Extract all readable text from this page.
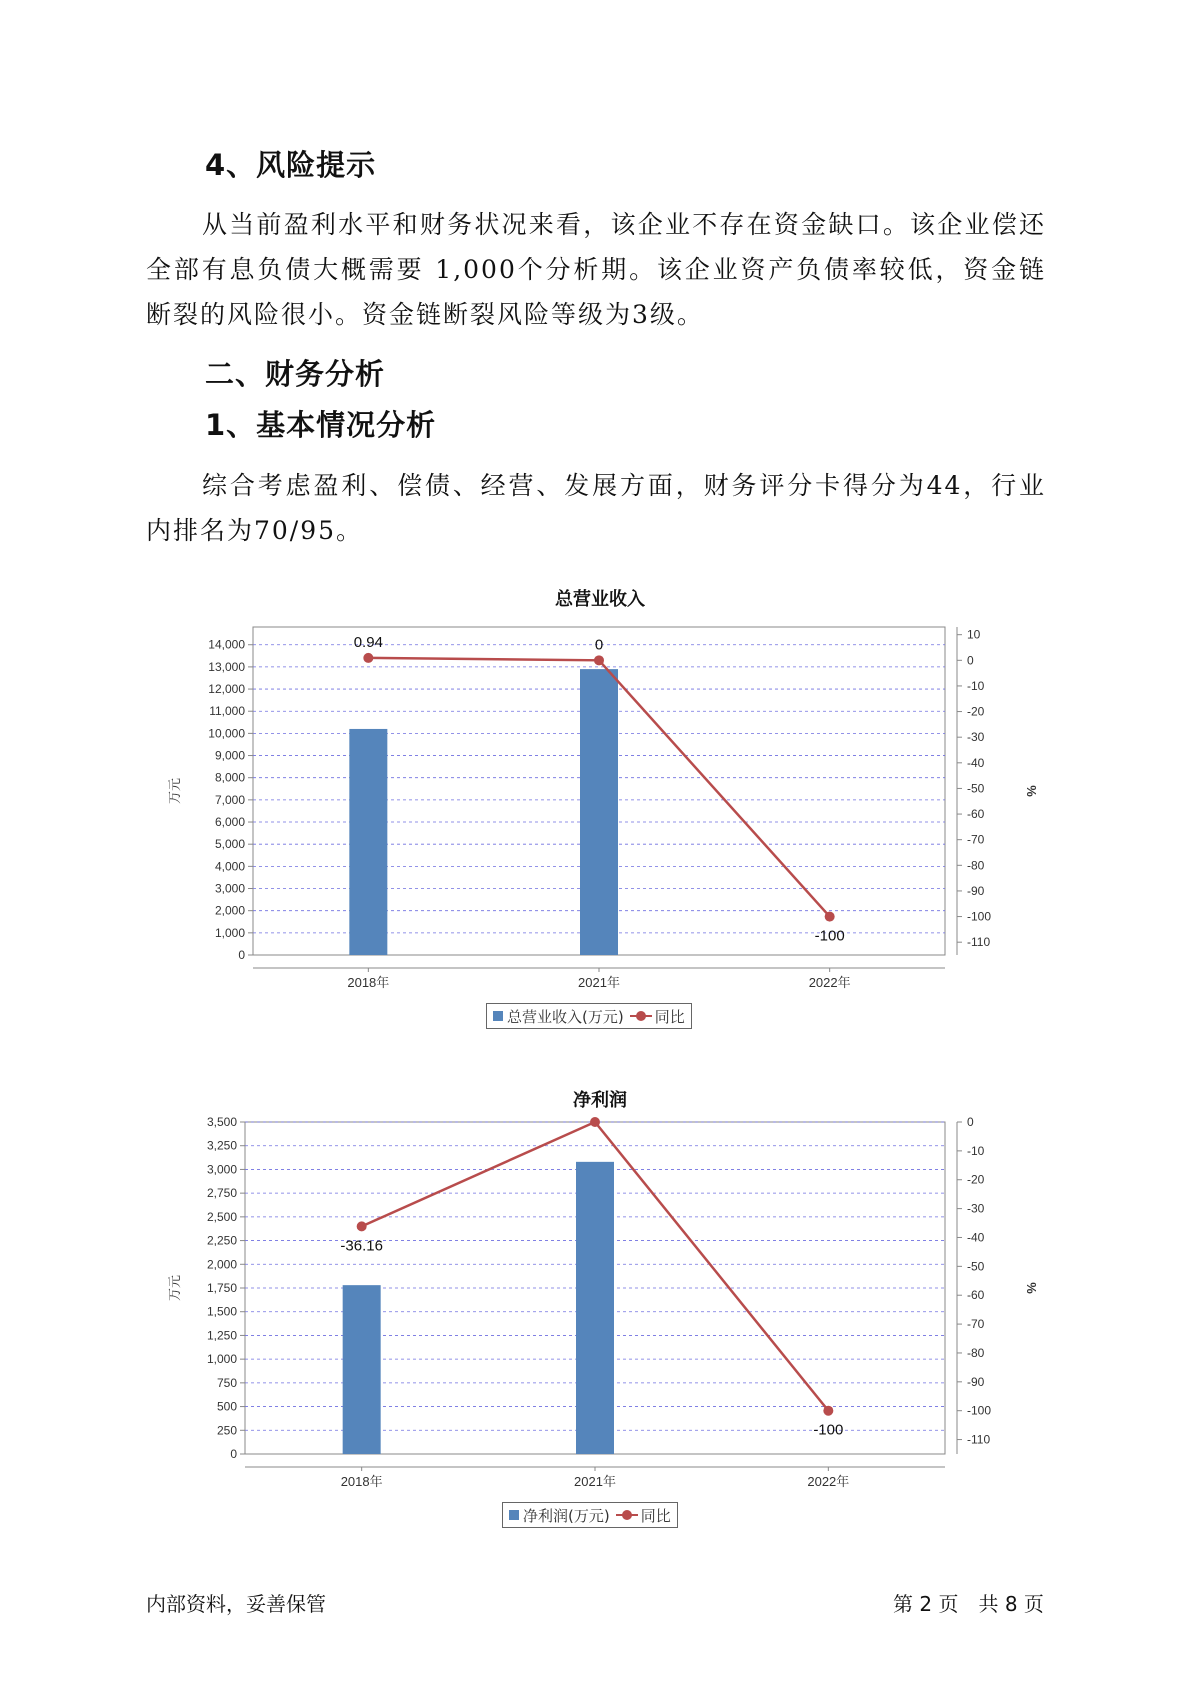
4、风险提示

从当前盈利水平和财务状况来看，该企业不存在资金缺口。该企业偿还全部有息负债大概需要 1,000个分析期。该企业资产负债率较低，资金链断裂的风险很小。资金链断裂风险等级为3级。

二、财务分析
1、基本情况分析

综合考虑盈利、偿债、经营、发展方面，财务评分卡得分为44，行业内排名为70/95。

总营业收入
0
1,000
2,000
3,000
4,000
5,000
6,000
7,000
8,000
9,000
10,000
11,000
12,000
13,000
14,000
10
0
-10
-20
-30
-40
-50
-60
-70
-80
-90
-100
-110
万元	%
2018年	2021年	2022年
0.94	0
-100
总营业收入(万元) 同比
净利润
0
250
500
750
1,000
1,250
1,500
1,750
2,000
2,250
2,500
2,750
3,000
3,250
3,500	0
-10
-20
-30
-40
-50
-60
-70
-80
-90
-100
-110
万元	%
2018年	2021年	2022年
-36.16
-100
净利润(万元) 同比
内部资料，妥善保管	第 2 页　共 8 页
